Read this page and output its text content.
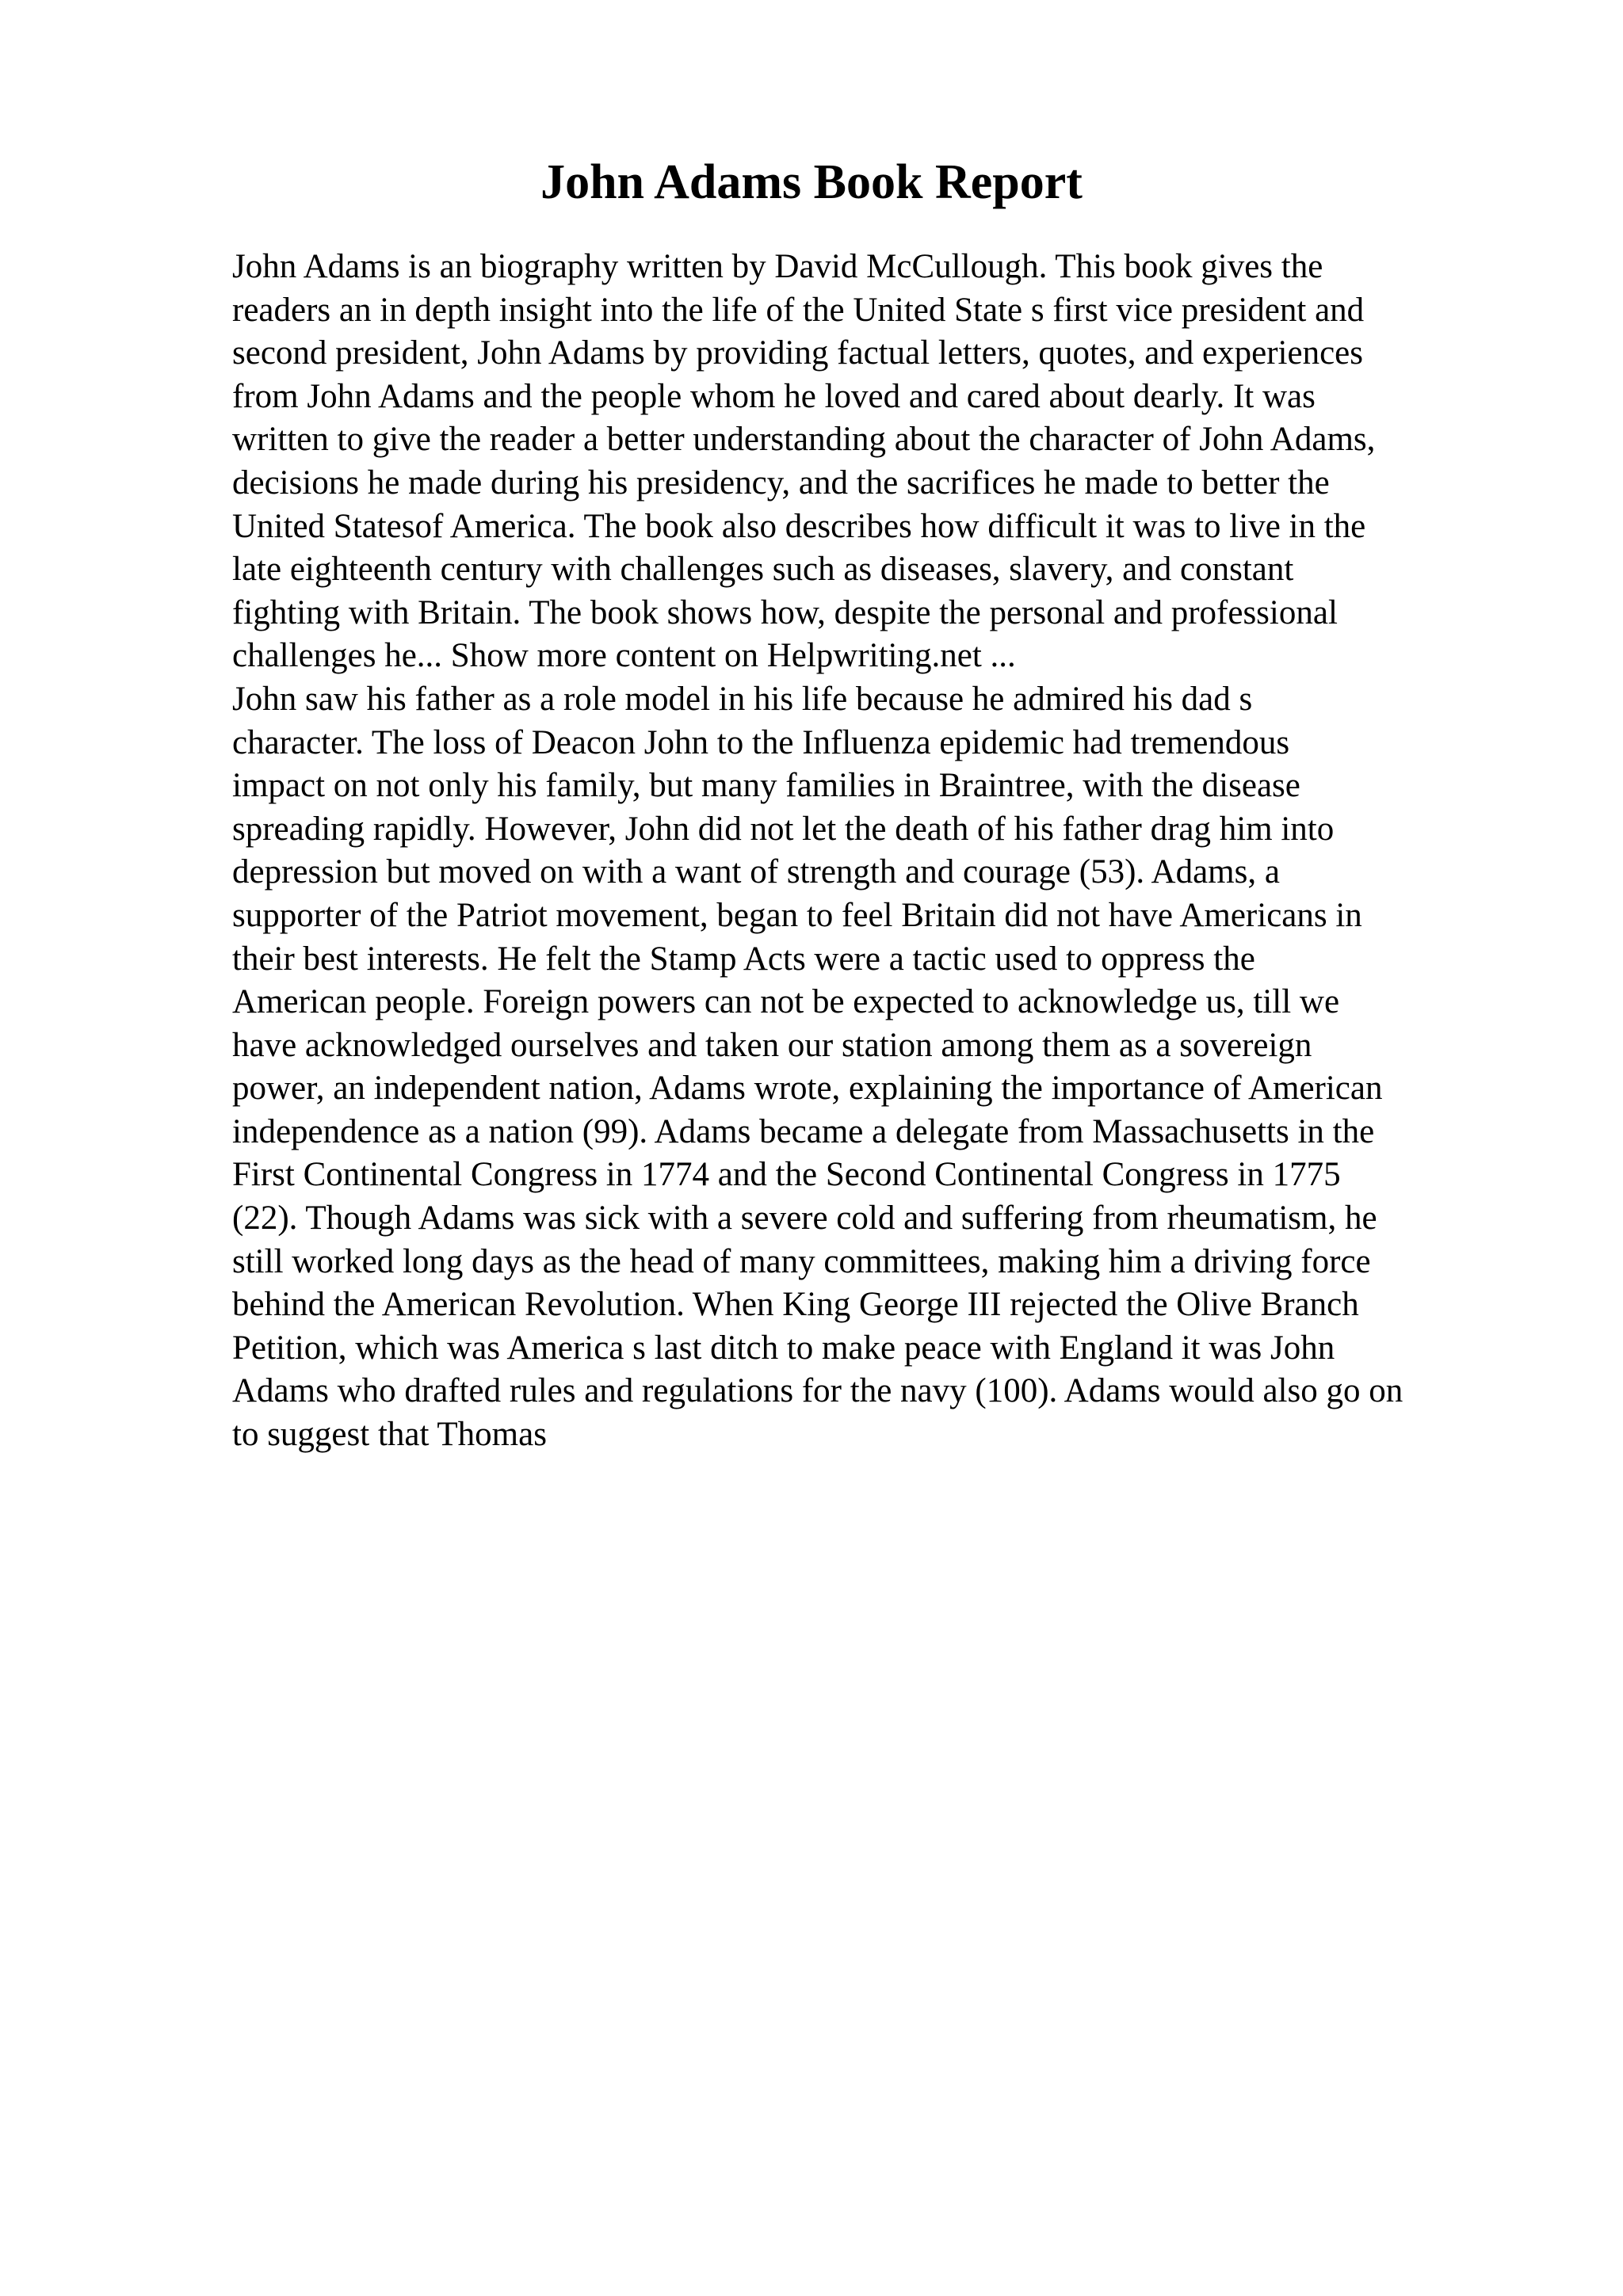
John Adams Book Report
John Adams is an biography written by David McCullough. This book gives the
readers an in depth insight into the life of the United State s first vice president and
second president, John Adams by providing factual letters, quotes, and experiences
from John Adams and the people whom he loved and cared about dearly. It was
written to give the reader a better understanding about the character of John Adams,
decisions he made during his presidency, and the sacrifices he made to better the
United Statesof America. The book also describes how difficult it was to live in the
late eighteenth century with challenges such as diseases, slavery, and constant
fighting with Britain. The book shows how, despite the personal and professional
challenges he... Show more content on Helpwriting.net ...
John saw his father as a role model in his life because he admired his dad s
character. The loss of Deacon John to the Influenza epidemic had tremendous
impact on not only his family, but many families in Braintree, with the disease
spreading rapidly. However, John did not let the death of his father drag him into
depression but moved on with a want of strength and courage (53). Adams, a
supporter of the Patriot movement, began to feel Britain did not have Americans in
their best interests. He felt the Stamp Acts were a tactic used to oppress the
American people. Foreign powers can not be expected to acknowledge us, till we
have acknowledged ourselves and taken our station among them as a sovereign
power, an independent nation, Adams wrote, explaining the importance of American
independence as a nation (99). Adams became a delegate from Massachusetts in the
First Continental Congress in 1774 and the Second Continental Congress in 1775
(22). Though Adams was sick with a severe cold and suffering from rheumatism, he
still worked long days as the head of many committees, making him a driving force
behind the American Revolution. When King George III rejected the Olive Branch
Petition, which was America s last ditch to make peace with England it was John
Adams who drafted rules and regulations for the navy (100). Adams would also go on
to suggest that Thomas
